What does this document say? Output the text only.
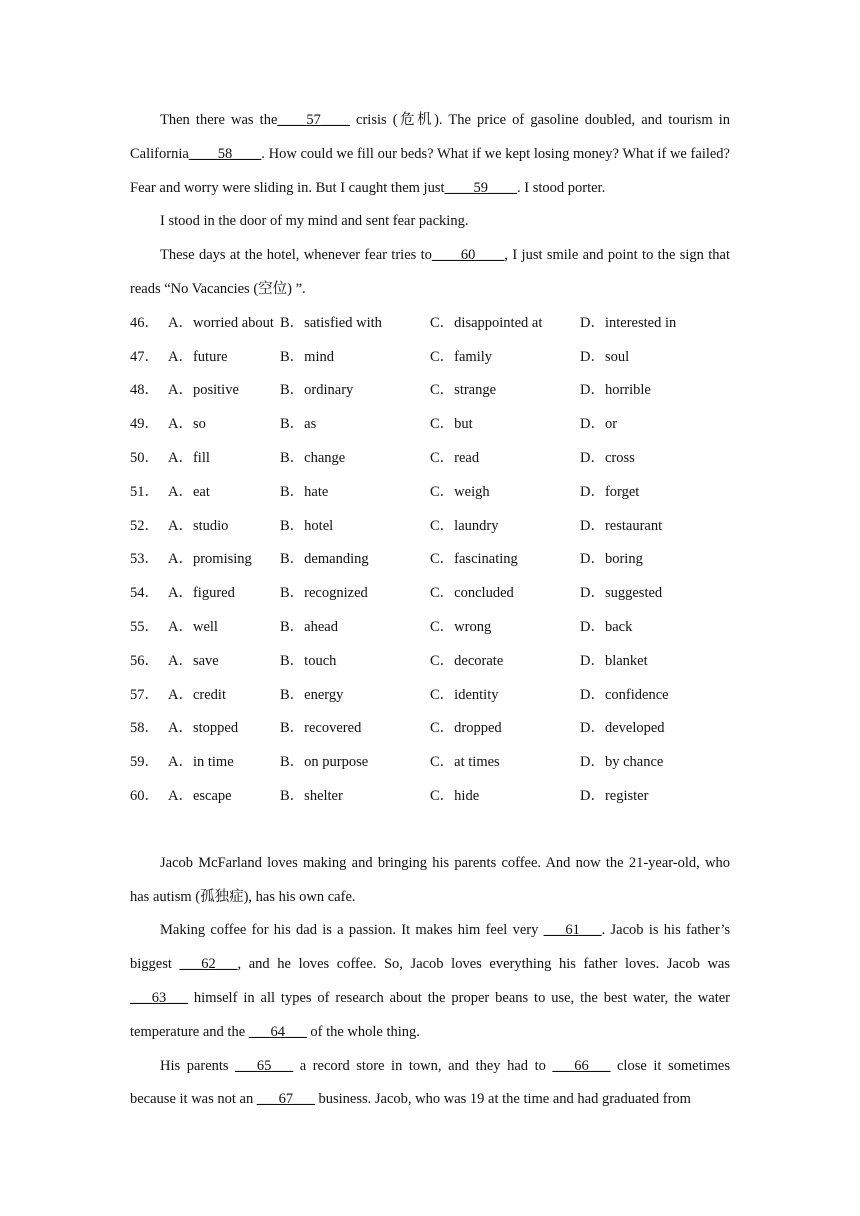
Then there was the____57____ crisis (危机). The price of gasoline doubled, and tourism in California____58____. How could we fill our beds? What if we kept losing money? What if we failed? Fear and worry were sliding in. But I caught them just____59____. I stood porter.

I stood in the door of my mind and sent fear packing.

These days at the hotel, whenever fear tries to____60____, I just smile and point to the sign that reads “No Vacancies (空位) ”.

46． A．worried about B．satisfied with	C．disappointed at	D．interested in
47． A．future	B．mind	C．family	D．soul
48． A．positive	B．ordinary	C．strange	D．horrible
49． A．so	B．as	C．but	D．or
50． A．fill	B．change	C．read	D．cross
51． A．eat	B．hate	C．weigh	D．forget
52． A．studio	B．hotel	C．laundry	D．restaurant
53． A．promising B．demanding	C．fascinating	D．boring
54． A．figured	B．recognized	C．concluded	D．suggested
55． A．well	B．ahead	C．wrong	D．back
56． A．save	B．touch	C．decorate	D．blanket
57． A．credit	B．energy	C．identity	D．confidence
58． A．stopped	B．recovered	C．dropped	D．developed
59． A．in time	B．on purpose	C．at times	D．by chance
60． A．escape	B．shelter	C．hide	D．register

Jacob McFarland loves making and bringing his parents coffee. And now the 21-year-old, who has autism (孤独症), has his own cafe.

Making coffee for his dad is a passion. It makes him feel very ___61___. Jacob is his father’s biggest ___62___, and he loves coffee. So, Jacob loves everything his father loves. Jacob was ___63___ himself in all types of research about the proper beans to use, the best water, the water temperature and the ___64___ of the whole thing.

His parents ___65___ a record store in town, and they had to ___66___ close it sometimes because it was not an ___67___ business. Jacob, who was 19 at the time and had graduated from
